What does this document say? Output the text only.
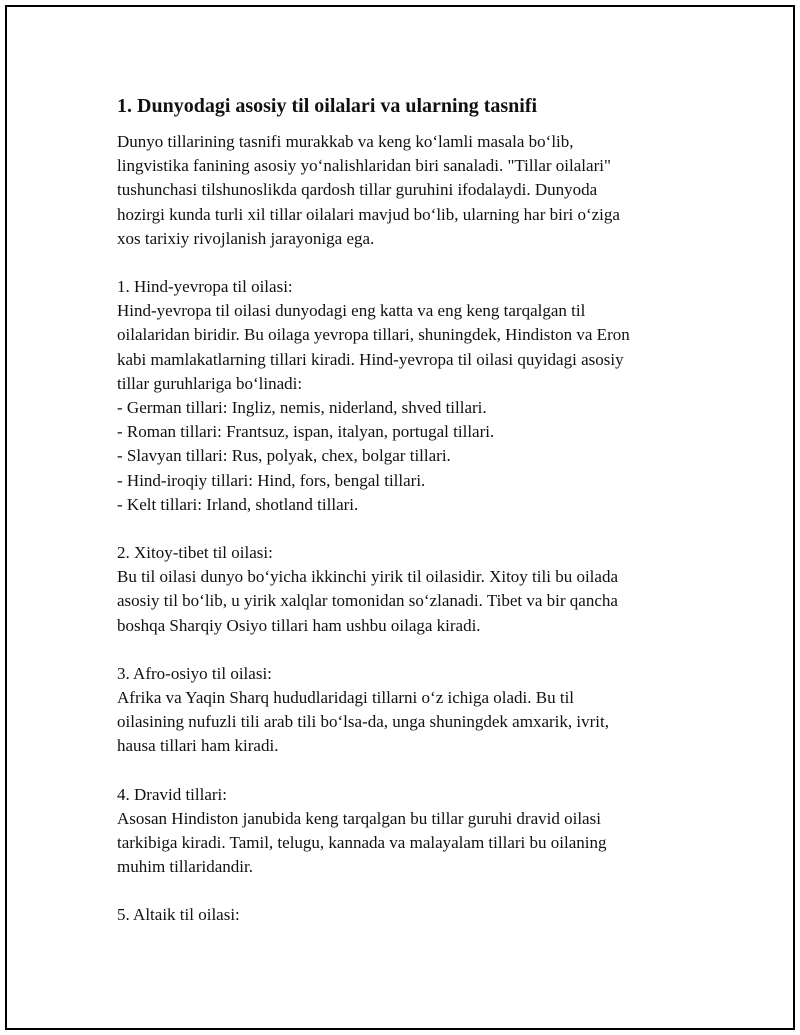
1. Dunyodagi asosiy til oilalari va ularning tasnifi

Dunyo tillarining tasnifi murakkab va keng koʻlamli masala boʻlib,

lingvistika fanining asosiy yoʻnalishlaridan biri sanaladi. "Tillar oilalari"

tushunchasi tilshunoslikda qardosh tillar guruhini ifodalaydi. Dunyoda

hozirgi kunda turli xil tillar oilalari mavjud boʻlib, ularning har biri oʻziga

xos tarixiy rivojlanish jarayoniga ega.

1. Hind-yevropa til oilasi:

Hind-yevropa til oilasi dunyodagi eng katta va eng keng tarqalgan til

oilalaridan biridir. Bu oilaga yevropa tillari, shuningdek, Hindiston va Eron

kabi mamlakatlarning tillari kiradi. Hind-yevropa til oilasi quyidagi asosiy

tillar guruhlariga boʻlinadi:

- German tillari: Ingliz, nemis, niderland, shved tillari.
- Roman tillari: Frantsuz, ispan, italyan, portugal tillari.
- Slavyan tillari: Rus, polyak, chex, bolgar tillari.
- Hind-iroqiy tillari: Hind, fors, bengal tillari.
- Kelt tillari: Irland, shotland tillari.

2. Xitoy-tibet til oilasi:

Bu til oilasi dunyo boʻyicha ikkinchi yirik til oilasidir. Xitoy tili bu oilada

asosiy til boʻlib, u yirik xalqlar tomonidan soʻzlanadi. Tibet va bir qancha

boshqa Sharqiy Osiyo tillari ham ushbu oilaga kiradi.

3. Afro-osiyo til oilasi:

Afrika va Yaqin Sharq hududlaridagi tillarni oʻz ichiga oladi. Bu til

oilasining nufuzli tili arab tili boʻlsa-da, unga shuningdek amxarik, ivrit,

hausa tillari ham kiradi.

4. Dravid tillari:

Asosan Hindiston janubida keng tarqalgan bu tillar guruhi dravid oilasi

tarkibiga kiradi. Tamil, telugu, kannada va malayalam tillari bu oilaning

muhim tillaridandir.

5. Altaik til oilasi:
